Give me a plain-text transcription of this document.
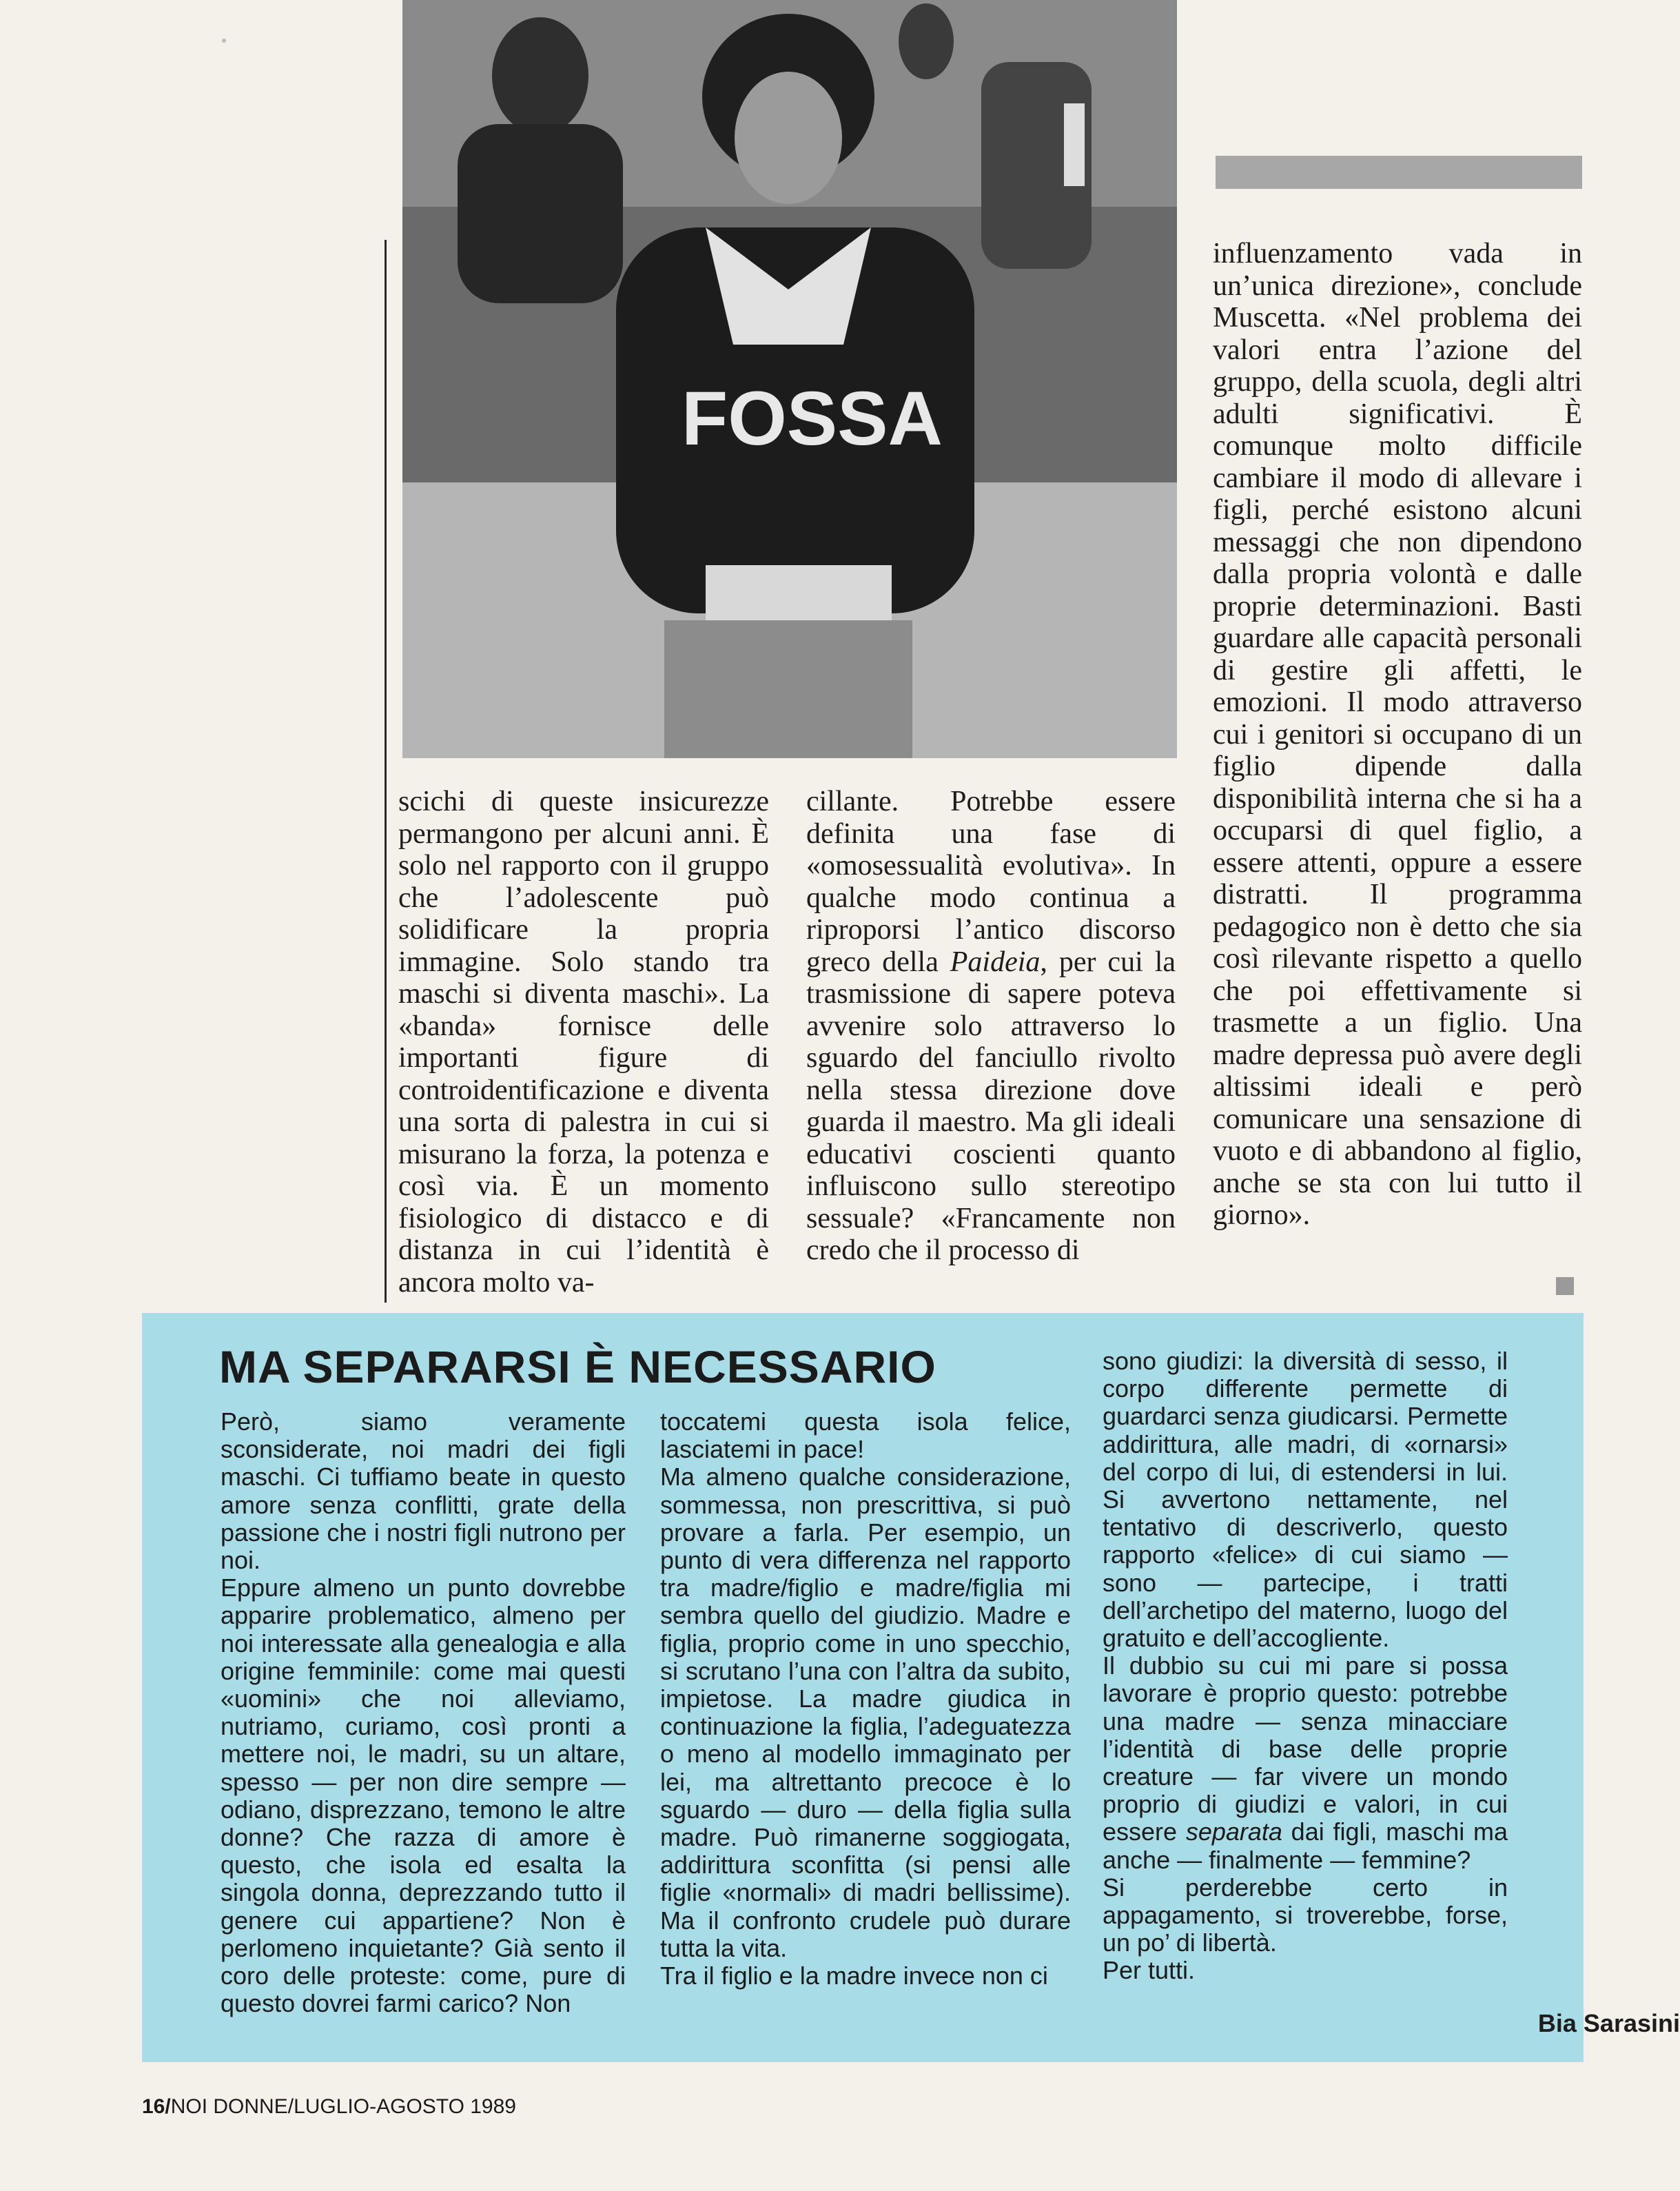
FOSSA

scichi di queste insicurezze permangono per alcuni anni. È solo nel rapporto con il gruppo che l’adolescente può solidificare la propria immagine. Solo stando tra maschi si diventa maschi». La «banda» fornisce delle importanti figure di controidentificazione e diventa una sorta di palestra in cui si misurano la forza, la potenza e così via. È un momento fisiologico di distacco e di distanza in cui l’identità è ancora molto va-

cillante. Potrebbe essere definita una fase di «omosessualità evolutiva». In qualche modo continua a riproporsi l’antico discorso greco della Paideia, per cui la trasmissione di sapere poteva avvenire solo attraverso lo sguardo del fanciullo rivolto nella stessa direzione dove guarda il maestro. Ma gli ideali educativi coscienti quanto influiscono sullo stereotipo sessuale? «Francamente non credo che il processo di

influenzamento vada in un’unica direzione», conclude Muscetta. «Nel problema dei valori entra l’azione del gruppo, della scuola, degli altri adulti significativi. È comunque molto difficile cambiare il modo di allevare i figli, perché esistono alcuni messaggi che non dipendono dalla propria volontà e dalle proprie determinazioni. Basti guardare alle capacità personali di gestire gli affetti, le emozioni. Il modo attraverso cui i genitori si occupano di un figlio dipende dalla disponibilità interna che si ha a occuparsi di quel figlio, a essere attenti, oppure a essere distratti. Il programma pedagogico non è detto che sia così rilevante rispetto a quello che poi effettivamente si trasmette a un figlio. Una madre depressa può avere degli altissimi ideali e però comunicare una sensazione di vuoto e di abbandono al figlio, anche se sta con lui tutto il giorno».

MA SEPARARSI È NECESSARIO

Però, siamo veramente sconsiderate, noi madri dei figli maschi. Ci tuffiamo beate in questo amore senza conflitti, grate della passione che i nostri figli nutrono per noi.

Eppure almeno un punto dovrebbe apparire problematico, almeno per noi interessate alla genealogia e alla origine femminile: come mai questi «uomini» che noi alleviamo, nutriamo, curiamo, così pronti a mettere noi, le madri, su un altare, spesso — per non dire sempre — odiano, disprezzano, temono le altre donne? Che razza di amore è questo, che isola ed esalta la singola donna, deprezzando tutto il genere cui appartiene? Non è perlomeno inquietante? Già sento il coro delle proteste: come, pure di questo dovrei farmi carico? Non

toccatemi questa isola felice, lasciatemi in pace!

Ma almeno qualche considerazione, sommessa, non prescrittiva, si può provare a farla. Per esempio, un punto di vera differenza nel rapporto tra madre/figlio e madre/figlia mi sembra quello del giudizio. Madre e figlia, proprio come in uno specchio, si scrutano l’una con l’altra da subito, impietose. La madre giudica in continuazione la figlia, l’adeguatezza o meno al modello immaginato per lei, ma altrettanto precoce è lo sguardo — duro — della figlia sulla madre. Può rimanerne soggiogata, addirittura sconfitta (si pensi alle figlie «normali» di madri bellissime). Ma il confronto crudele può durare tutta la vita.

Tra il figlio e la madre invece non ci

sono giudizi: la diversità di sesso, il corpo differente permette di guardarci senza giudicarsi. Permette addirittura, alle madri, di «ornarsi» del corpo di lui, di estendersi in lui. Si avvertono nettamente, nel tentativo di descriverlo, questo rapporto «felice» di cui siamo — sono — partecipe, i tratti dell’archetipo del materno, luogo del gratuito e dell’accogliente.

Il dubbio su cui mi pare si possa lavorare è proprio questo: potrebbe una madre — senza minacciare l’identità di base delle proprie creature — far vivere un mondo proprio di giudizi e valori, in cui essere separata dai figli, maschi ma anche — finalmente — femmine?

Si perderebbe certo in appagamento, si troverebbe, forse, un po’ di libertà.

Per tutti.

Bia Sarasini
16/NOI DONNE/LUGLIO-AGOSTO 1989
